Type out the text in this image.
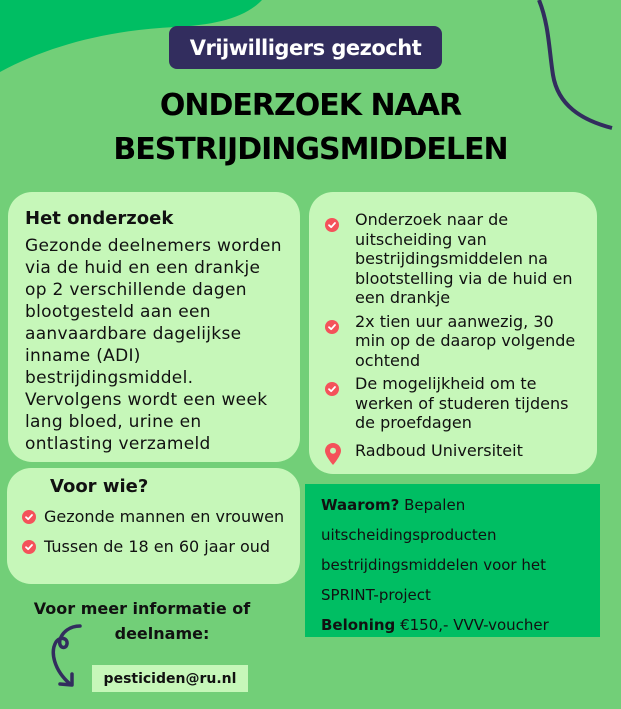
Vrijwilligers gezocht
ONDERZOEK NAAR
BESTRIJDINGSMIDDELEN
Het onderzoek

Gezonde deelnemers worden via de huid en een drankje op 2 verschillende dagen blootgesteld aan een aanvaardbare dagelijkse inname (ADI) bestrijdingsmiddel. Vervolgens wordt een week lang bloed, urine en ontlasting verzameld

Onderzoek naar de uitscheiding van bestrijdingsmiddelen na blootstelling via de huid en een drankje
2x tien uur aanwezig, 30 min op de daarop volgende ochtend
De mogelijkheid om te werken of studeren tijdens de proefdagen
Radboud Universiteit
Voor wie?
Gezonde mannen en vrouwen
Tussen de 18 en 60 jaar oud
Waarom? Bepalen
uitscheidingsproducten
bestrijdingsmiddelen voor het
SPRINT-project
Beloning €150,- VVV-voucher
Voor meer informatie of
deelname:
pesticiden@ru.nl
